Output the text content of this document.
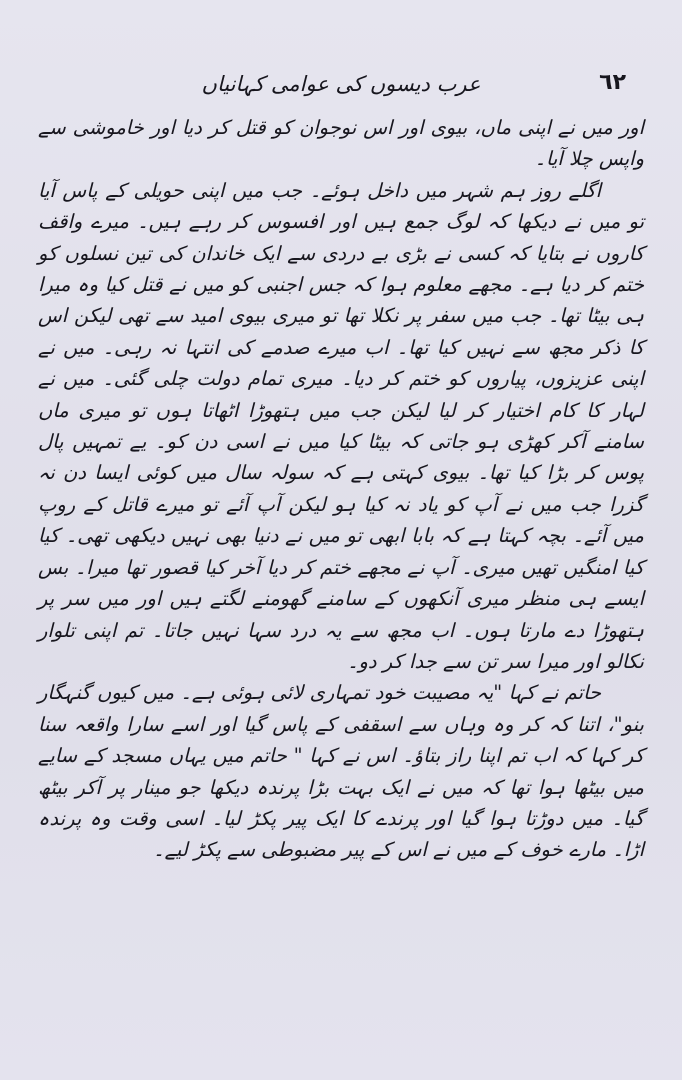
٦٢
عرب دیسوں کی عوامی کہانیاں

اور میں نے اپنی ماں، بیوی اور اس نوجوان کو قتل کر دیا اور خاموشی سے واپس چلا آیا۔

اگلے روز ہم شہر میں داخل ہوئے۔ جب میں اپنی حویلی کے پاس آیا تو میں نے دیکھا کہ لوگ جمع ہیں اور افسوس کر رہے ہیں۔ میرے واقف کاروں نے بتایا کہ کسی نے بڑی بے دردی سے ایک خاندان کی تین نسلوں کو ختم کر دیا ہے۔ مجھے معلوم ہوا کہ جس اجنبی کو میں نے قتل کیا وہ میرا ہی بیٹا تھا۔ جب میں سفر پر نکلا تھا تو میری بیوی امید سے تھی لیکن اس کا ذکر مجھ سے نہیں کیا تھا۔ اب میرے صدمے کی انتہا نہ رہی۔ میں نے اپنی عزیزوں، پیاروں کو ختم کر دیا۔ میری تمام دولت چلی گئی۔ میں نے لہار کا کام اختیار کر لیا لیکن جب میں ہتھوڑا اٹھاتا ہوں تو میری ماں سامنے آکر کھڑی ہو جاتی کہ بیٹا کیا میں نے اسی دن کو۔ یے تمہیں پال پوس کر بڑا کیا تھا۔ بیوی کہتی ہے کہ سولہ سال میں کوئی ایسا دن نہ گزرا جب میں نے آپ کو یاد نہ کیا ہو لیکن آپ آئے تو میرے قاتل کے روپ میں آئے۔ بچہ کہتا ہے کہ بابا ابھی تو میں نے دنیا بھی نہیں دیکھی تھی۔ کیا کیا امنگیں تھیں میری۔ آپ نے مجھے ختم کر دیا آخر کیا قصور تھا میرا۔ بس ایسے ہی منظر میری آنکھوں کے سامنے گھومنے لگتے ہیں اور میں سر پر ہتھوڑا دے مارتا ہوں۔ اب مجھ سے یہ درد سہا نہیں جاتا۔ تم اپنی تلوار نکالو اور میرا سر تن سے جدا کر دو۔

حاتم نے کہا "یہ مصیبت خود تمہاری لائی ہوئی ہے۔ میں کیوں گنہگار بنو"، اتنا کہ کر وہ وہاں سے اسقفی کے پاس گیا اور اسے سارا واقعہ سنا کر کہا کہ اب تم اپنا راز بتاؤ۔ اس نے کہا " حاتم میں یہاں مسجد کے سایے میں بیٹھا ہوا تھا کہ میں نے ایک بہت بڑا پرندہ دیکھا جو مینار پر آکر بیٹھ گیا۔ میں دوڑتا ہوا گیا اور پرندے کا ایک پیر پکڑ لیا۔ اسی وقت وہ پرندہ اڑا۔ مارے خوف کے میں نے اس کے پیر مضبوطی سے پکڑ لیے۔
